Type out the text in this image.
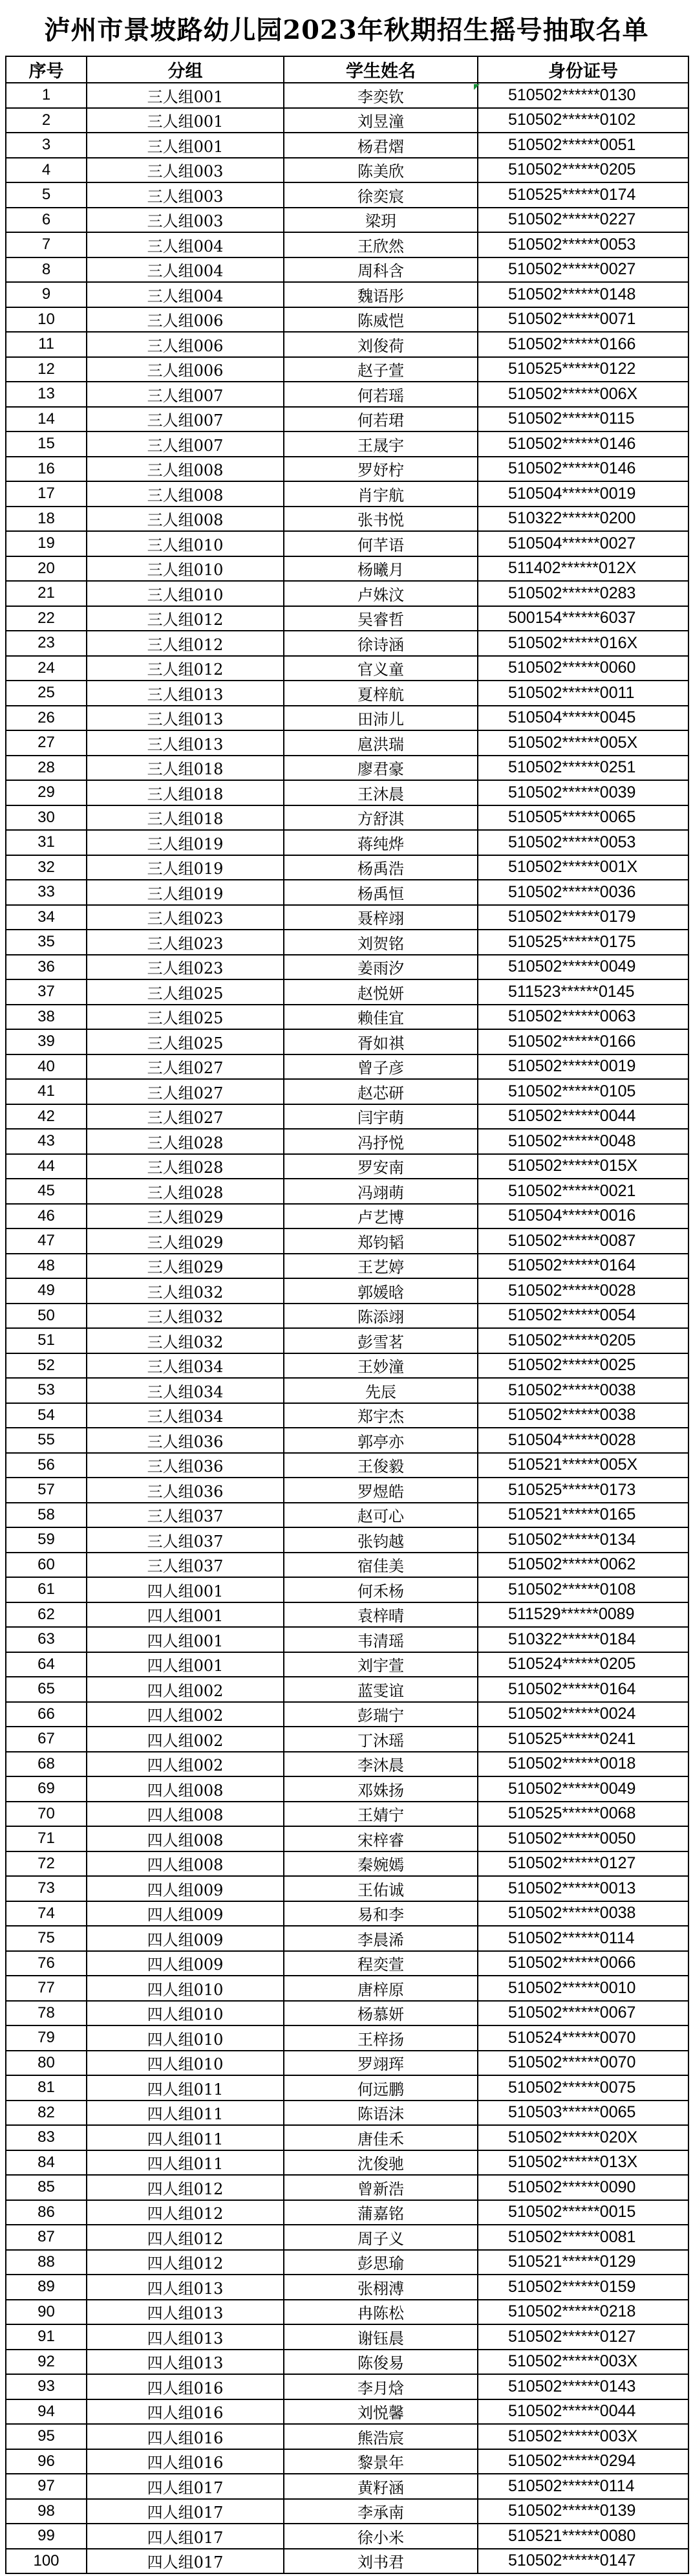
泸州市景坡路幼儿园2023年秋期招生摇号抽取名单
序号	分组	学生姓名	身份证号
1	三人组001	李奕钦	510502******0130
2	三人组001	刘昱潼	510502******0102
3	三人组001	杨君熠	510502******0051
4	三人组003	陈美欣	510502******0205
5	三人组003	徐奕宸	510525******0174
6	三人组003	梁玥	510502******0227
7	三人组004	王欣然	510502******0053
8	三人组004	周科含	510502******0027
9	三人组004	魏语彤	510502******0148
10	三人组006	陈威恺	510502******0071
11	三人组006	刘俊荷	510502******0166
12	三人组006	赵子萱	510525******0122
13	三人组007	何若瑶	510502******006X
14	三人组007	何若珺	510502******0115
15	三人组007	王晟宇	510502******0146
16	三人组008	罗妤柠	510502******0146
17	三人组008	肖宇航	510504******0019
18	三人组008	张书悦	510322******0200
19	三人组010	何芊语	510504******0027
20	三人组010	杨曦月	511402******012X
21	三人组010	卢姝汶	510502******0283
22	三人组012	吴睿哲	500154******6037
23	三人组012	徐诗涵	510502******016X
24	三人组012	官义童	510502******0060
25	三人组013	夏梓航	510502******0011
26	三人组013	田沛儿	510504******0045
27	三人组013	扈洪瑞	510502******005X
28	三人组018	廖君豪	510502******0251
29	三人组018	王沐晨	510502******0039
30	三人组018	方舒淇	510505******0065
31	三人组019	蒋纯烨	510502******0053
32	三人组019	杨禹浩	510502******001X
33	三人组019	杨禹恒	510502******0036
34	三人组023	聂梓翊	510502******0179
35	三人组023	刘贺铭	510525******0175
36	三人组023	姜雨汐	510502******0049
37	三人组025	赵悦妍	511523******0145
38	三人组025	赖佳宜	510502******0063
39	三人组025	胥如祺	510502******0166
40	三人组027	曾子彦	510502******0019
41	三人组027	赵芯研	510502******0105
42	三人组027	闫宇萌	510502******0044
43	三人组028	冯抒悦	510502******0048
44	三人组028	罗安南	510502******015X
45	三人组028	冯翊萌	510502******0021
46	三人组029	卢艺博	510504******0016
47	三人组029	郑钧韬	510502******0087
48	三人组029	王艺婷	510502******0164
49	三人组032	郭媛晗	510502******0028
50	三人组032	陈添翊	510502******0054
51	三人组032	彭雪茗	510502******0205
52	三人组034	王妙潼	510502******0025
53	三人组034	先辰	510502******0038
54	三人组034	郑宇杰	510502******0038
55	三人组036	郭亭亦	510504******0028
56	三人组036	王俊毅	510521******005X
57	三人组036	罗煜皓	510525******0173
58	三人组037	赵可心	510521******0165
59	三人组037	张钧越	510502******0134
60	三人组037	宿佳美	510502******0062
61	四人组001	何禾杨	510502******0108
62	四人组001	袁梓晴	511529******0089
63	四人组001	韦清瑶	510322******0184
64	四人组001	刘宇萱	510524******0205
65	四人组002	蓝雯谊	510502******0164
66	四人组002	彭瑞宁	510502******0024
67	四人组002	丁沐瑶	510525******0241
68	四人组002	李沐晨	510502******0018
69	四人组008	邓姝扬	510502******0049
70	四人组008	王婧宁	510525******0068
71	四人组008	宋梓睿	510502******0050
72	四人组008	秦婉嫣	510502******0127
73	四人组009	王佑诚	510502******0013
74	四人组009	易和李	510502******0038
75	四人组009	李晨浠	510502******0114
76	四人组009	程奕萱	510502******0066
77	四人组010	唐梓原	510502******0010
78	四人组010	杨慕妍	510502******0067
79	四人组010	王梓扬	510524******0070
80	四人组010	罗翊珲	510502******0070
81	四人组011	何远鹏	510502******0075
82	四人组011	陈语沫	510503******0065
83	四人组011	唐佳禾	510502******020X
84	四人组011	沈俊驰	510502******013X
85	四人组012	曾新浩	510502******0090
86	四人组012	蒲嘉铭	510502******0015
87	四人组012	周子义	510502******0081
88	四人组012	彭思瑜	510521******0129
89	四人组013	张栩溥	510502******0159
90	四人组013	冉陈松	510502******0218
91	四人组013	谢钰晨	510502******0127
92	四人组013	陈俊易	510502******003X
93	四人组016	李月焓	510502******0143
94	四人组016	刘悦馨	510502******0044
95	四人组016	熊浩宸	510502******003X
96	四人组016	黎景年	510502******0294
97	四人组017	黄籽涵	510502******0114
98	四人组017	李承南	510502******0139
99	四人组017	徐小米	510521******0080
100	四人组017	刘书君	510502******0147
